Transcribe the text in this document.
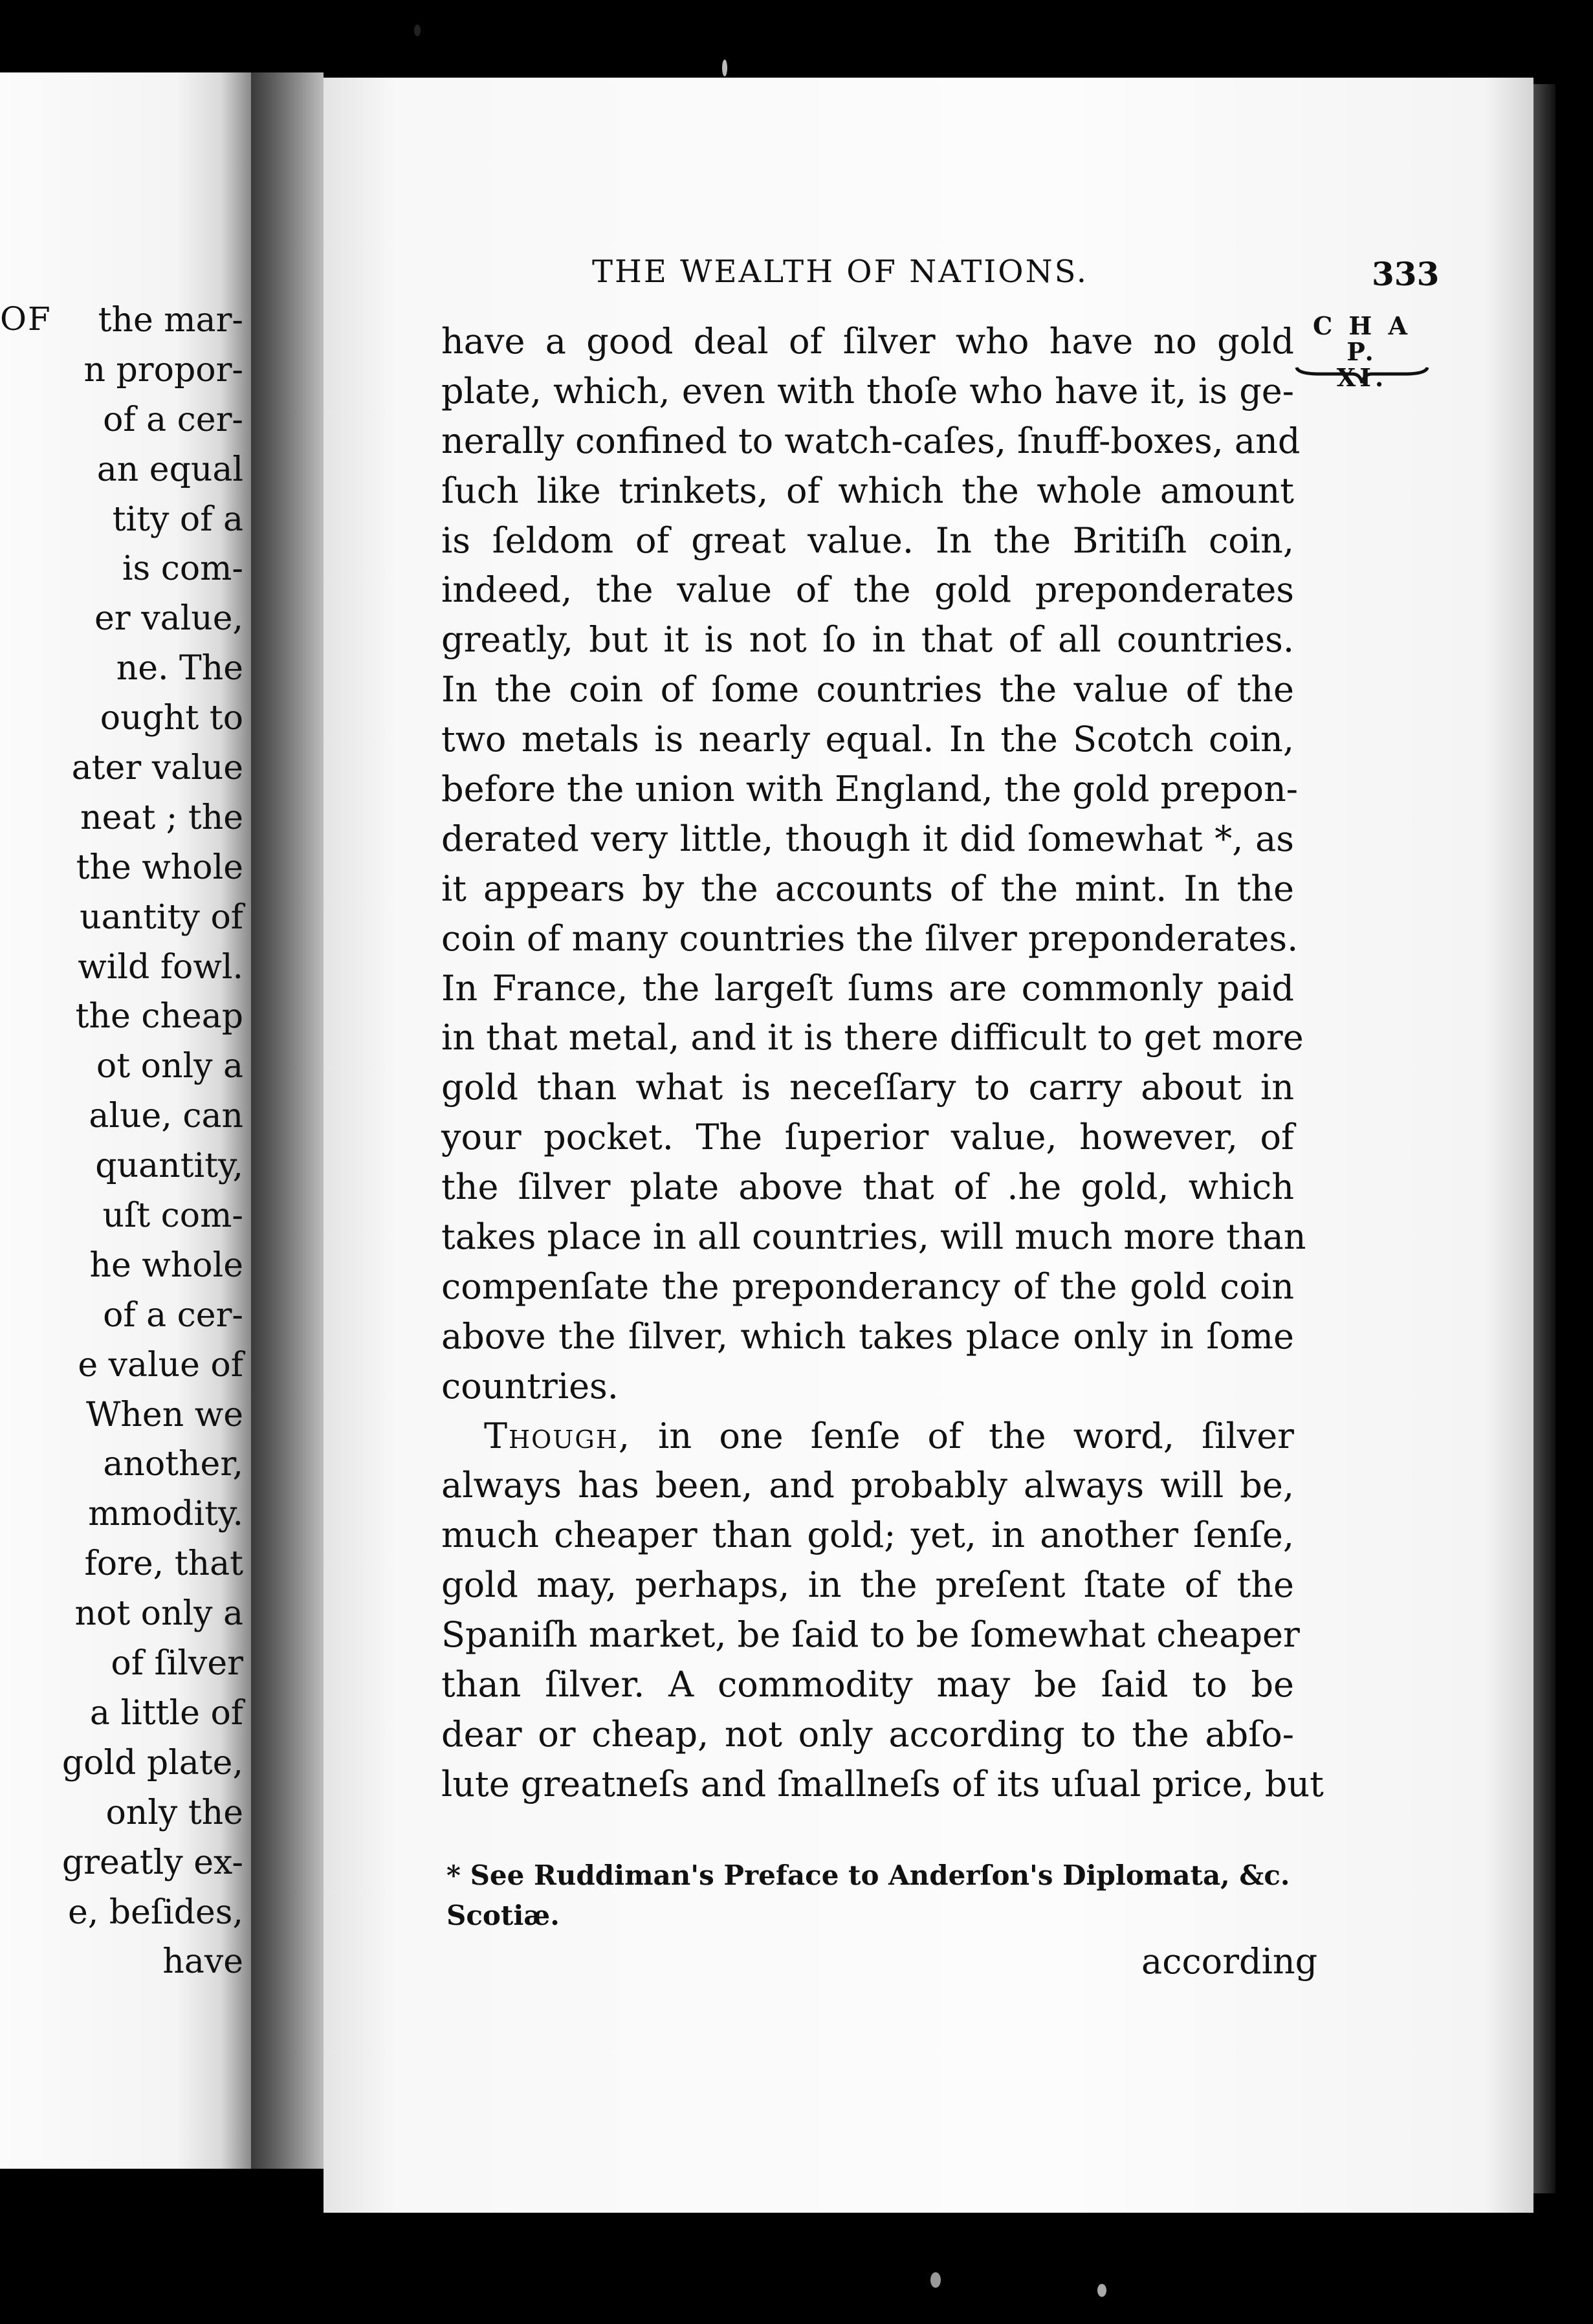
OF	the mar-
n propor-
of a cer-
an equal
tity of a
is com-
er value,
ne. The
ought to
ater value
neat ; the
the whole
uantity of
wild fowl.
the cheap
ot only a
alue, can
quantity,
uſt com-
he whole
of a cer-
e value of
When we
another,
mmodity.
fore, that
not only a
of ſilver
a little of
gold plate,
only the
greatly ex-
e, beſides,
have
THE WEALTH OF NATIONS.	333
C H A P.
XI.
have a good deal of ſilver who have no gold
plate, which, even with thoſe who have it, is ge-
nerally confined to watch-caſes, ſnuff-boxes, and
ſuch like trinkets, of which the whole amount
is ſeldom of great value. In the Britiſh coin,
indeed, the value of the gold preponderates
greatly, but it is not ſo in that of all countries.
In the coin of ſome countries the value of the
two metals is nearly equal. In the Scotch coin,
before the union with England, the gold prepon-
derated very little, though it did ſomewhat *, as
it appears by the accounts of the mint. In the
coin of many countries the ſilver preponderates.
In France, the largeſt ſums are commonly paid
in that metal, and it is there difficult to get more
gold than what is neceſſary to carry about in
your pocket. The ſuperior value, however, of
the ſilver plate above that of .he gold, which
takes place in all countries, will much more than
compenſate the preponderancy of the gold coin
above the ſilver, which takes place only in ſome
countries.
Though, in one ſenſe of the word, ſilver
always has been, and probably always will be,
much cheaper than gold; yet, in another ſenſe,
gold may, perhaps, in the preſent ſtate of the
Spaniſh market, be ſaid to be ſomewhat cheaper
than ſilver. A commodity may be ſaid to be
dear or cheap, not only according to the abſo-
lute greatneſs and ſmallneſs of its uſual price, but
* See Ruddiman's Preface to Anderſon's Diplomata, &c.
Scotiæ.
according
